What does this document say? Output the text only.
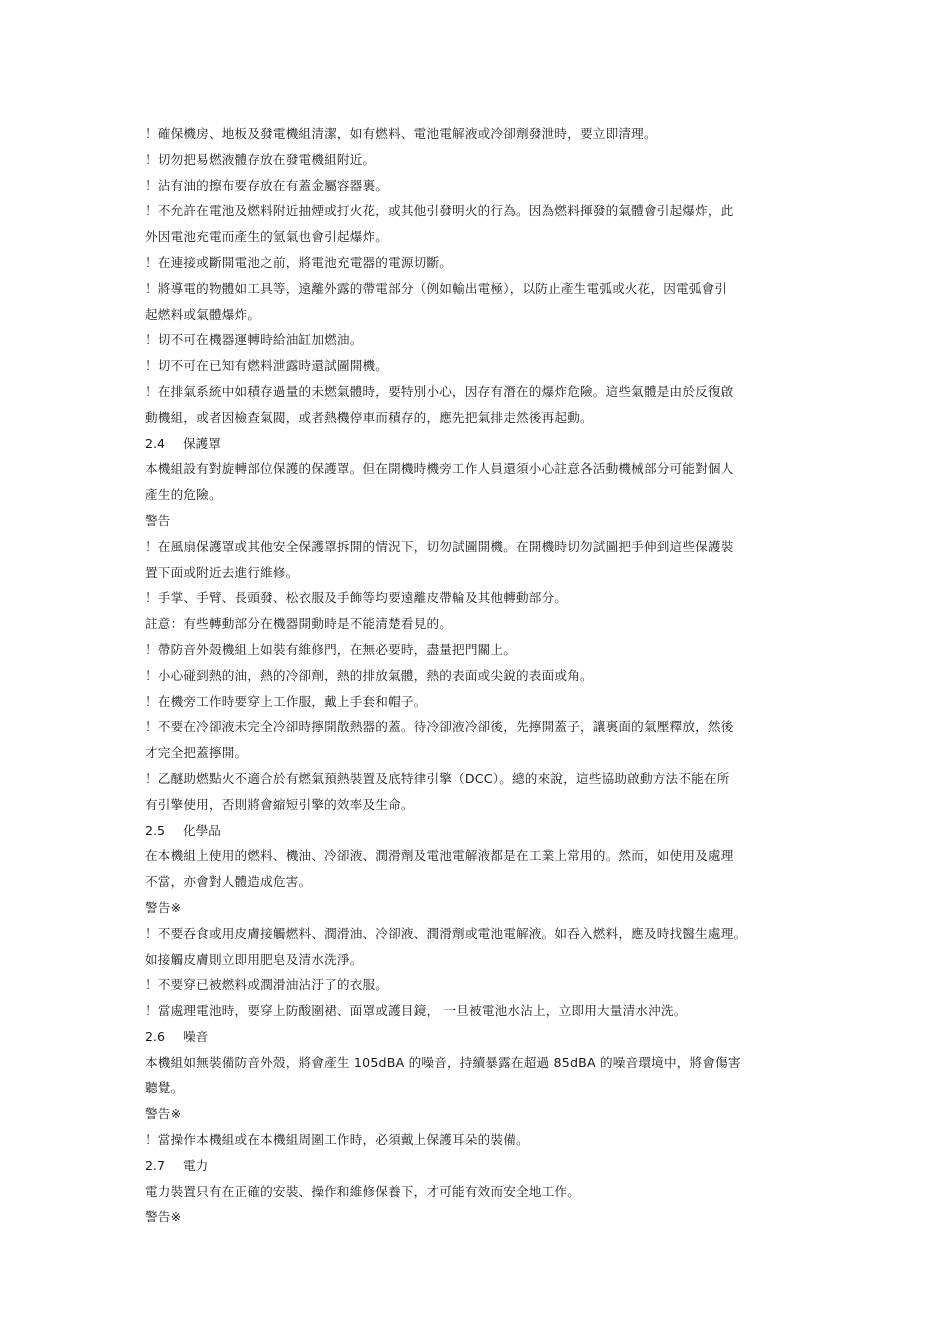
！確保機房、地板及發電機組清潔，如有燃料、電池電解液或冷卻劑發泄時，要立即清理。
！切勿把易燃液體存放在發電機組附近。
！沾有油的擦布要存放在有蓋金屬容器裏。
！不允許在電池及燃料附近抽煙或打火花，或其他引發明火的行為。因為燃料揮發的氣體會引起爆炸，此
外因電池充電而產生的氫氣也會引起爆炸。
！在連接或斷開電池之前，將電池充電器的電源切斷。
！將導電的物體如工具等，遠離外露的帶電部分（例如輸出電極），以防止產生電弧或火花，因電弧會引
起燃料或氣體爆炸。
！切不可在機器運轉時給油缸加燃油。
！切不可在已知有燃料泄露時還試圖開機。
！在排氣系統中如積存過量的未燃氣體時，要特別小心，因存有潛在的爆炸危險。這些氣體是由於反復啟
動機組，或者因檢查氣閥，或者熱機停車而積存的，應先把氣排走然後再起動。
2.4 保護罩
本機組設有對旋轉部位保護的保護罩。但在開機時機旁工作人員還須小心註意各活動機械部分可能對個人
產生的危險。
警告
！在風扇保護罩或其他安全保護罩拆開的情況下，切勿試圖開機。在開機時切勿試圖把手伸到這些保護裝
置下面或附近去進行維修。
！手掌、手臂、長頭發、松衣服及手飾等均要遠離皮帶輪及其他轉動部分。
註意：有些轉動部分在機器開動時是不能清楚看見的。
！帶防音外殼機組上如裝有維修門，在無必要時，盡量把門關上。
！小心碰到熱的油，熱的冷卻劑，熱的排放氣體，熱的表面或尖銳的表面或角。
！在機旁工作時要穿上工作服，戴上手套和帽子。
！不要在冷卻液未完全冷卻時擰開散熱器的蓋。待冷卻液冷卻後，先擰開蓋子，讓裏面的氣壓釋放，然後
才完全把蓋擰開。
！乙醚助燃點火不適合於有燃氣預熱裝置及底特律引擎（DCC）。總的來說，這些協助啟動方法不能在所
有引擎使用，否則將會縮短引擎的效率及生命。
2.5 化學品
在本機組上使用的燃料、機油、冷卻液、潤滑劑及電池電解液都是在工業上常用的。然而，如使用及處理
不當，亦會對人體造成危害。
警告※
！不要吞食或用皮膚接觸燃料、潤滑油、冷卻液、潤滑劑或電池電解液。如吞入燃料，應及時找醫生處理。
如接觸皮膚則立即用肥皂及清水洗淨。
！不要穿已被燃料或潤滑油沾汙了的衣服。
！當處理電池時，要穿上防酸圍裙、面罩或護目鏡， 一旦被電池水沾上，立即用大量清水沖洗。
2.6 噪音
本機組如無裝備防音外殼，將會產生 105dBA 的噪音，持續暴露在超過 85dBA 的噪音環境中，將會傷害
聽覺。
警告※
！當操作本機組或在本機組周圍工作時，必須戴上保護耳朵的裝備。
2.7 電力
電力裝置只有在正確的安裝、操作和維修保養下，才可能有效而安全地工作。
警告※
